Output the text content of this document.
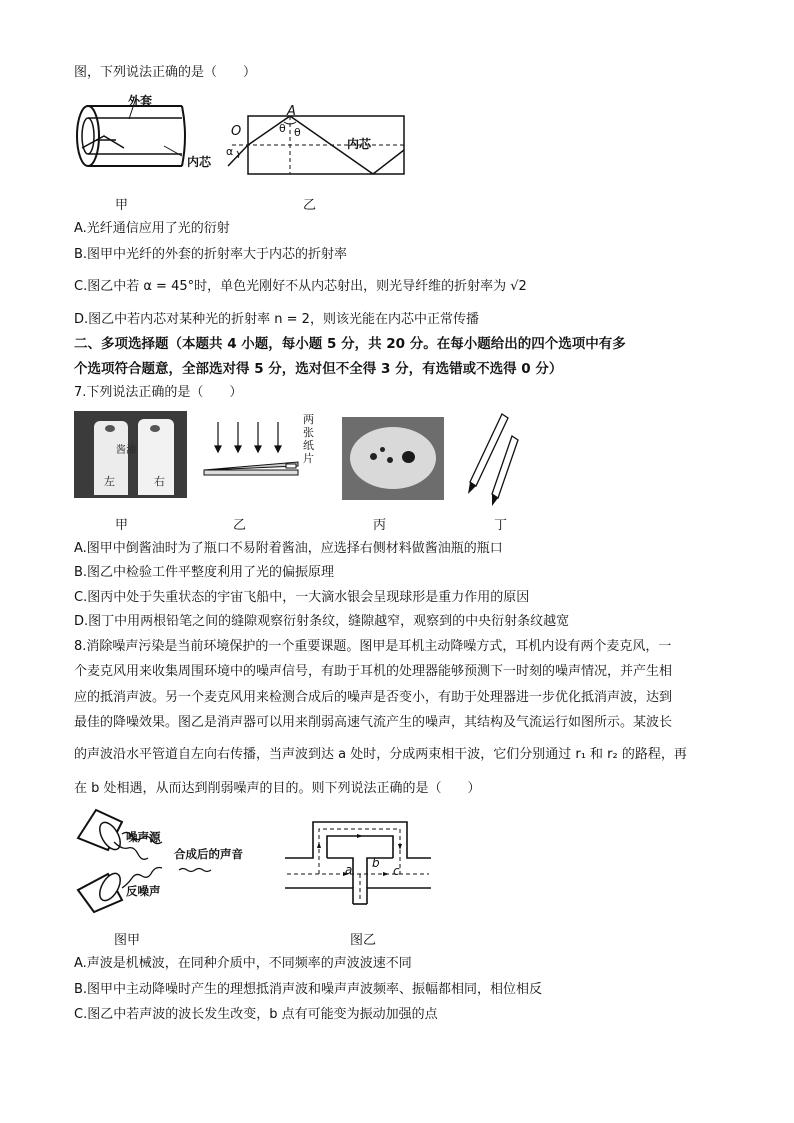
图，下列说法正确的是（　　）
外套
内芯
O
A
α
θ θ
内芯
甲	乙
A.光纤通信应用了光的衍射
B.图甲中光纤的外套的折射率大于内芯的折射率
C.图乙中若 α = 45°时，单色光刚好不从内芯射出，则光导纤维的折射率为 √2
D.图乙中若内芯对某种光的折射率 n = 2，则该光能在内芯中正常传播
二、多项选择题（本题共 4 小题，每小题 5 分，共 20 分。在每小题给出的四个选项中有多
个选项符合题意，全部选对得 5 分，选对但不全得 3 分，有选错或不选得 0 分）
7.下列说法正确的是（　　）
酱油
左	右
两张纸片
甲	乙	丙	丁
A.图甲中倒酱油时为了瓶口不易附着酱油，应选择右侧材料做酱油瓶的瓶口
B.图乙中检验工件平整度利用了光的偏振原理
C.图丙中处于失重状态的宇宙飞船中，一大滴水银会呈现球形是重力作用的原因
D.图丁中用两根铅笔之间的缝隙观察衍射条纹，缝隙越窄，观察到的中央衍射条纹越宽
8.消除噪声污染是当前环境保护的一个重要课题。图甲是耳机主动降噪方式，耳机内设有两个麦克风，一
个麦克风用来收集周围环境中的噪声信号，有助于耳机的处理器能够预测下一时刻的噪声情况，并产生相
应的抵消声波。另一个麦克风用来检测合成后的噪声是否变小，有助于处理器进一步优化抵消声波，达到
最佳的降噪效果。图乙是消声器可以用来削弱高速气流产生的噪声，其结构及气流运行如图所示。某波长
的声波沿水平管道自左向右传播，当声波到达 a 处时，分成两束相干波，它们分别通过 r₁ 和 r₂ 的路程，再
在 b 处相遇，从而达到削弱噪声的目的。则下列说法正确的是（　　）
噪声源
合成后的声音
反噪声
a b
c
图甲	图乙
A.声波是机械波，在同种介质中，不同频率的声波波速不同
B.图甲中主动降噪时产生的理想抵消声波和噪声声波频率、振幅都相同，相位相反
C.图乙中若声波的波长发生改变，b 点有可能变为振动加强的点
